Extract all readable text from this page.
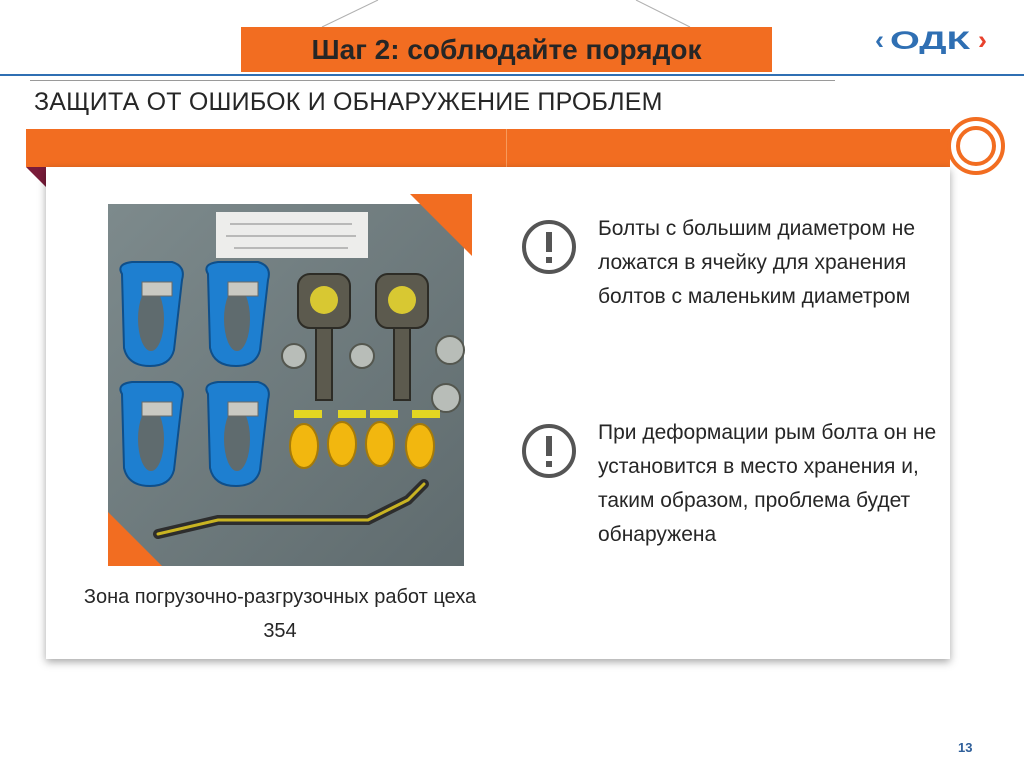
Шаг 2: соблюдайте порядок	‹ ОДК ›
ЗАЩИТА ОТ ОШИБОК И ОБНАРУЖЕНИЕ ПРОБЛЕМ
Зона погрузочно-разгрузочных работ цеха 354
Болты с большим диаметром не ложатся в ячейку для хранения болтов с маленьким диаметром
При деформации рым болта он не установится в место хранения и, таким образом, проблема будет обнаружена
13
